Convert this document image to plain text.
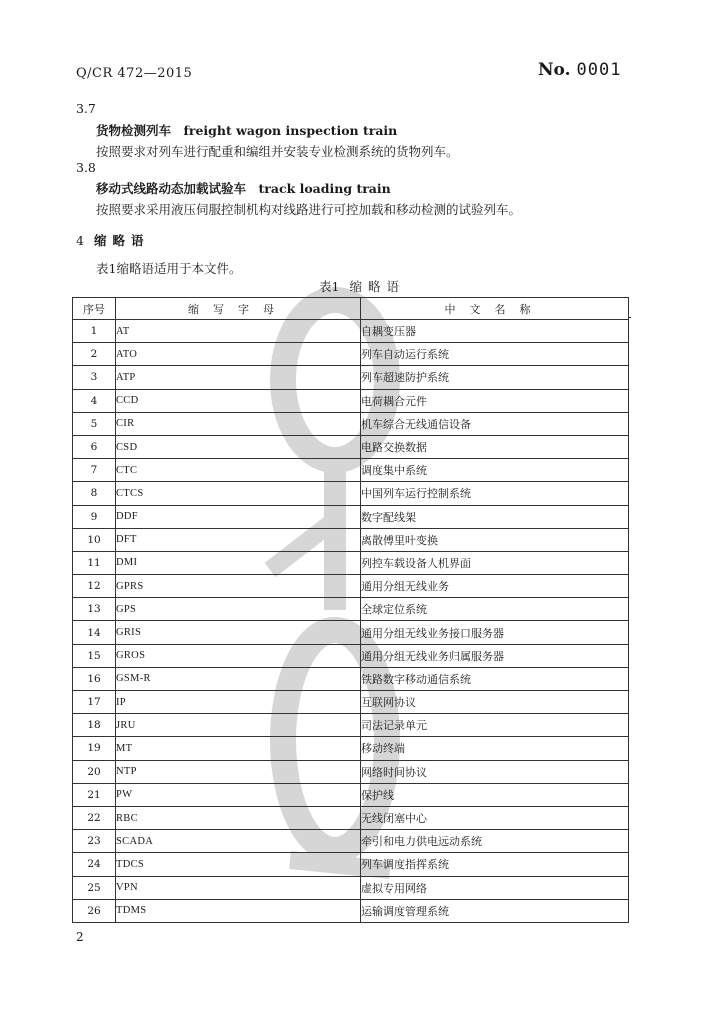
Q/CR 472—2015	No. 0001
3.7
货物检测列车　freight wagon inspection train
按照要求对列车进行配重和编组并安装专业检测系统的货物列车。
3.8
移动式线路动态加载试验车　track loading train
按照要求采用液压伺服控制机构对线路进行可控加载和移动检测的试验列车。
4 缩略语
表1缩略语适用于本文件。
表1 缩略语
序号	缩写字母	中文名称
1	AT	自耦变压器
2	ATO	列车自动运行系统
3	ATP	列车超速防护系统
4	CCD	电荷耦合元件
5	CIR	机车综合无线通信设备
6	CSD	电路交换数据
7	CTC	调度集中系统
8	CTCS	中国列车运行控制系统
9	DDF	数字配线架
10	DFT	离散傅里叶变换
11	DMI	列控车载设备人机界面
12	GPRS	通用分组无线业务
13	GPS	全球定位系统
14	GRIS	通用分组无线业务接口服务器
15	GROS	通用分组无线业务归属服务器
16	GSM-R	铁路数字移动通信系统
17	IP	互联网协议
18	JRU	司法记录单元
19	MT	移动终端
20	NTP	网络时间协议
21	PW	保护线
22	RBC	无线闭塞中心
23	SCADA	牵引和电力供电远动系统
24	TDCS	列车调度指挥系统
25	VPN	虚拟专用网络
26	TDMS	运输调度管理系统
2
